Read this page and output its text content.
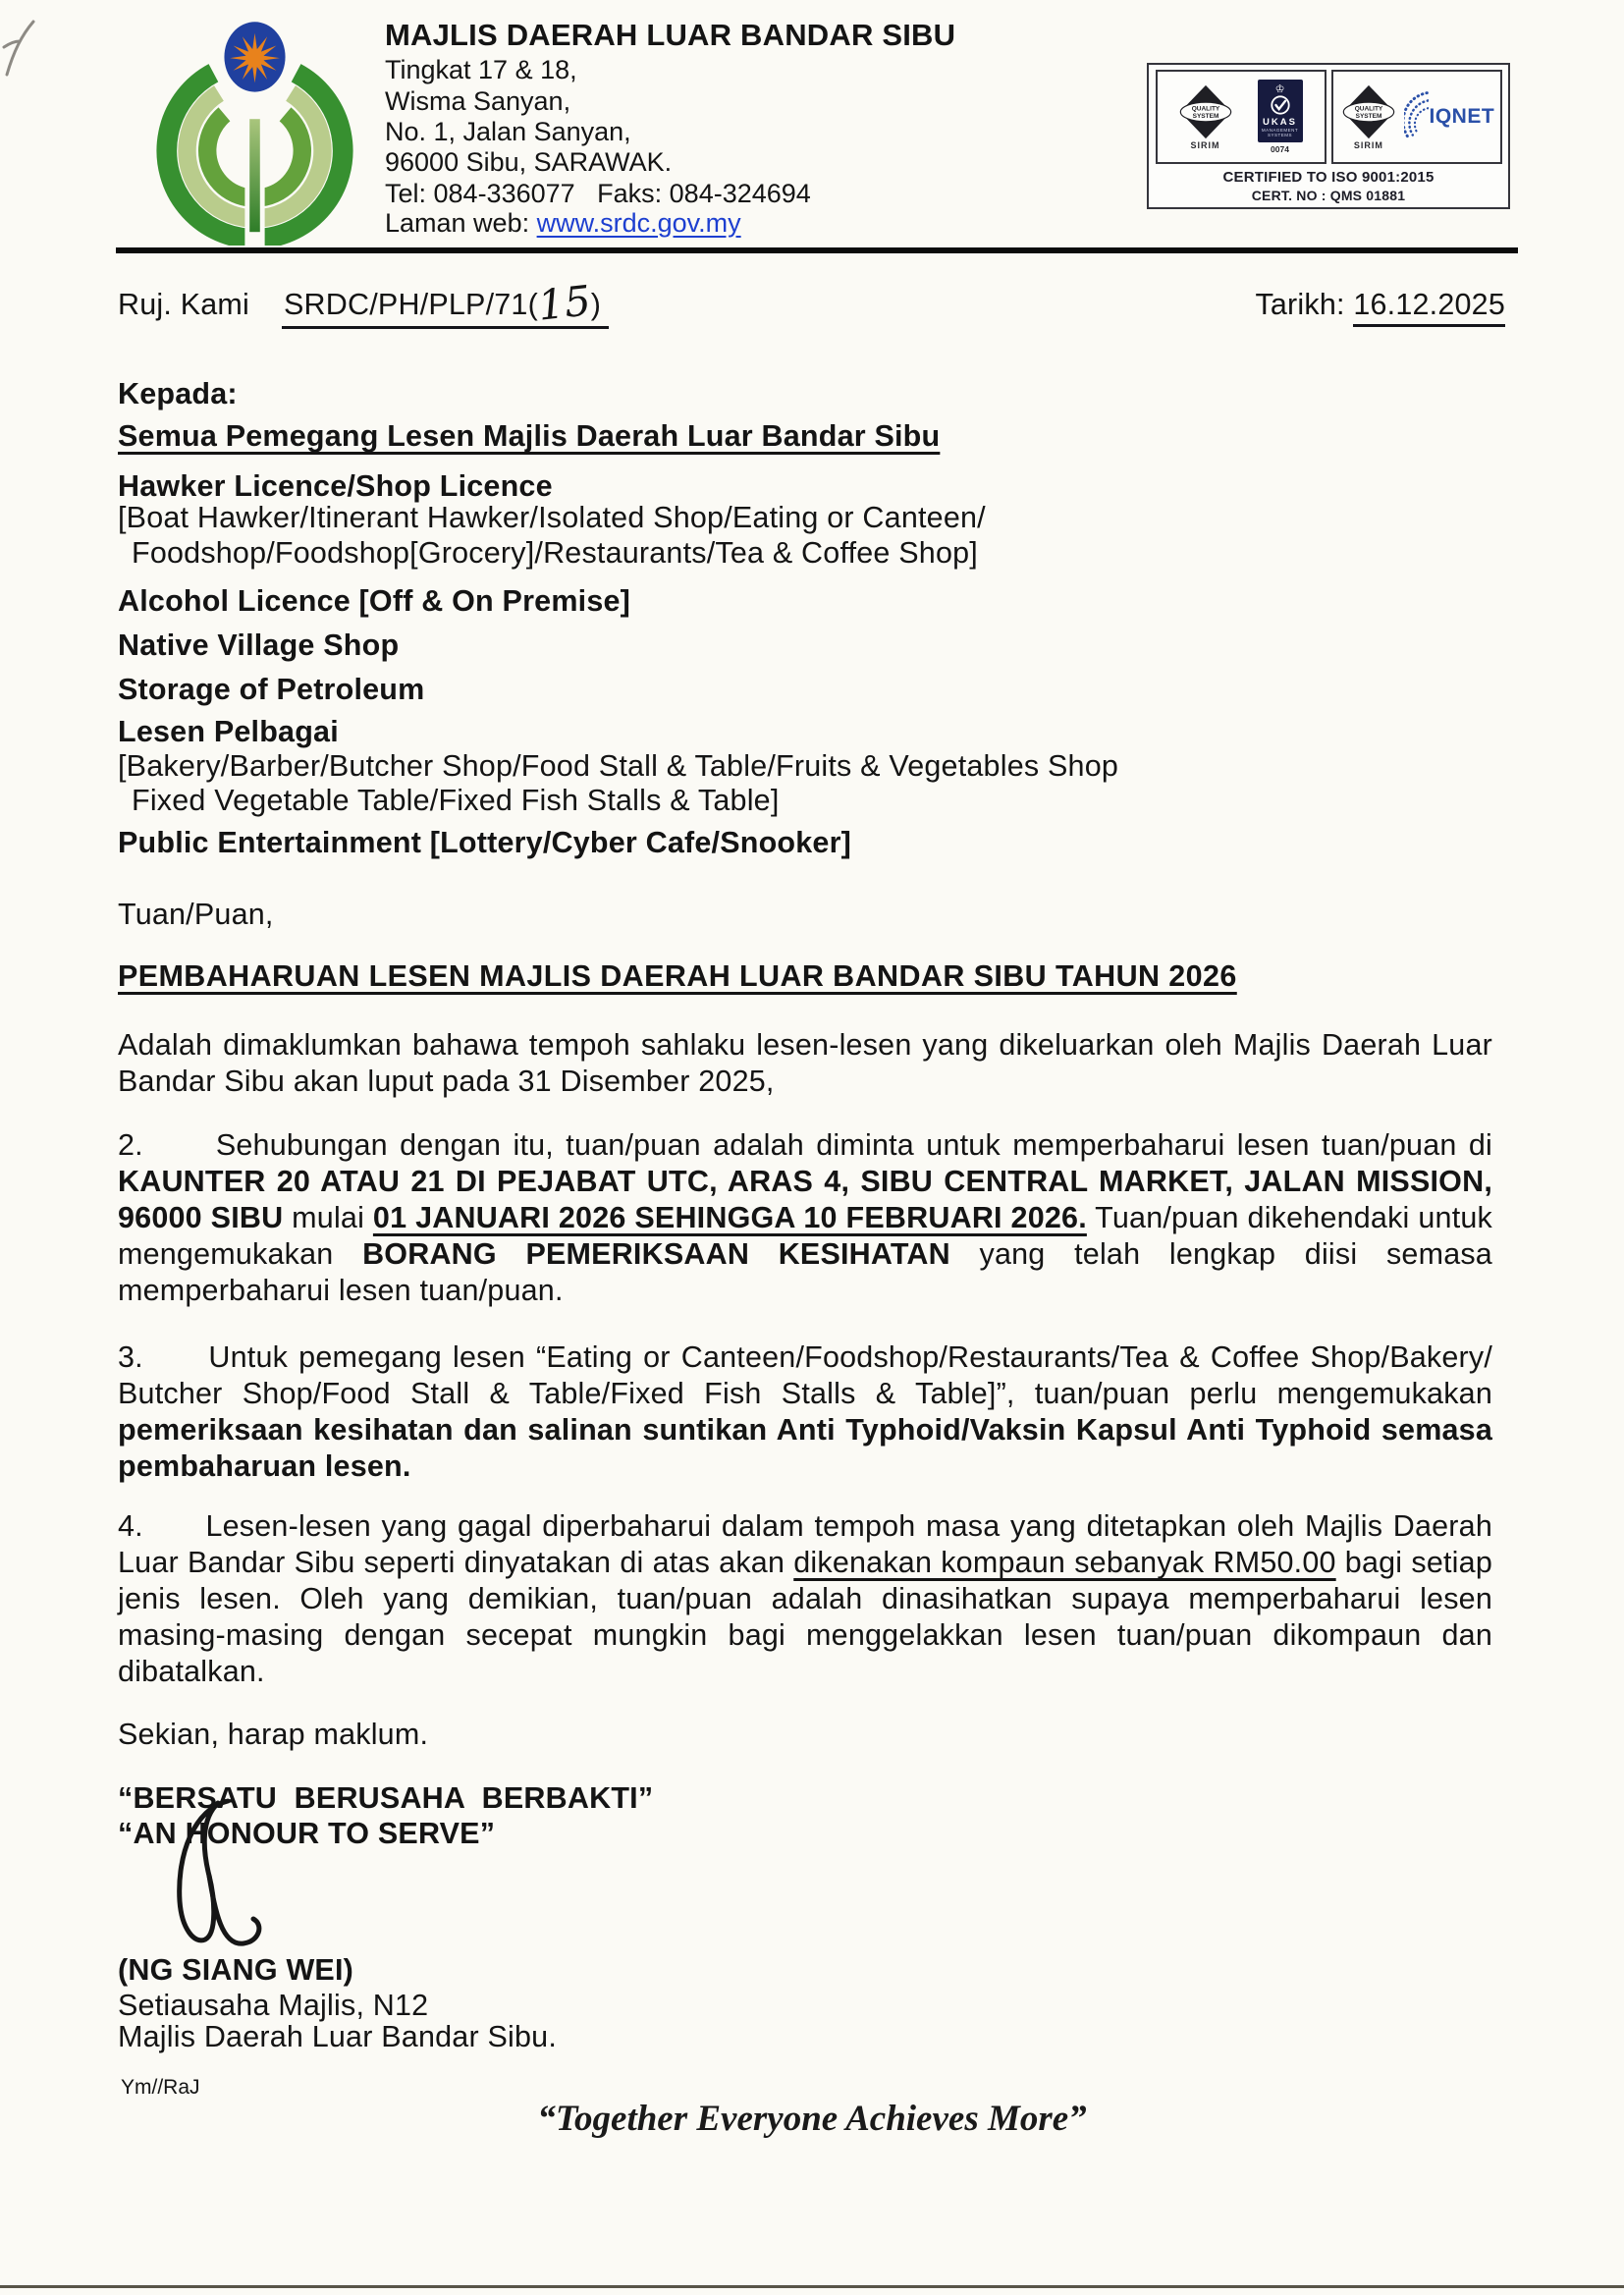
MAJLIS DAERAH LUAR BANDAR SIBU
Tingkat 17 & 18,
Wisma Sanyan,
No. 1, Jalan Sanyan,
96000 Sibu, SARAWAK.
Tel: 084-336077   Faks: 084-324694
Laman web: www.srdc.gov.my
QUALITY
SYSTEM
SIRIM
♔
UKAS
MANAGEMENT
SYSTEMS
0074
QUALITY
SYSTEM
SIRIM
IQNET
CERTIFIED TO ISO 9001:2015
CERT. NO : QMS 01881
Ruj. Kami SRDC/PH/PLP/71(15)	Tarikh: 16.12.2025
Kepada:
Semua Pemegang Lesen Majlis Daerah Luar Bandar Sibu
Hawker Licence/Shop Licence
[Boat Hawker/Itinerant Hawker/Isolated Shop/Eating or Canteen/
Foodshop/Foodshop[Grocery]/Restaurants/Tea & Coffee Shop]
Alcohol Licence [Off & On Premise]
Native Village Shop
Storage of Petroleum
Lesen Pelbagai
[Bakery/Barber/Butcher Shop/Food Stall & Table/Fruits & Vegetables Shop
Fixed Vegetable Table/Fixed Fish Stalls & Table]
Public Entertainment [Lottery/Cyber Cafe/Snooker]
Tuan/Puan,
PEMBAHARUAN LESEN MAJLIS DAERAH LUAR BANDAR SIBU TAHUN 2026
Adalah dimaklumkan bahawa tempoh sahlaku lesen-lesen yang dikeluarkan oleh Majlis Daerah Luar Bandar Sibu akan luput pada 31 Disember 2025,
2.      Sehubungan dengan itu, tuan/puan adalah diminta untuk memperbaharui lesen tuan/puan di KAUNTER 20 ATAU 21 DI PEJABAT UTC, ARAS 4, SIBU CENTRAL MARKET, JALAN MISSION, 96000 SIBU mulai 01 JANUARI 2026 SEHINGGA 10 FEBRUARI 2026. Tuan/puan dikehendaki untuk mengemukakan BORANG PEMERIKSAAN KESIHATAN yang telah lengkap diisi semasa memperbaharui lesen tuan/puan.
3.      Untuk pemegang lesen “Eating or Canteen/Foodshop/Restaurants/Tea & Coffee Shop/Bakery/ Butcher Shop/Food Stall & Table/Fixed Fish Stalls & Table]”, tuan/puan perlu mengemukakan pemeriksaan kesihatan dan salinan suntikan Anti Typhoid/Vaksin Kapsul Anti Typhoid semasa pembaharuan lesen.
4.      Lesen-lesen yang gagal diperbaharui dalam tempoh masa yang ditetapkan oleh Majlis Daerah Luar Bandar Sibu seperti dinyatakan di atas akan dikenakan kompaun sebanyak RM50.00 bagi setiap jenis lesen. Oleh yang demikian, tuan/puan adalah dinasihatkan supaya memperbaharui lesen masing-masing dengan secepat mungkin bagi menggelakkan lesen tuan/puan dikompaun dan dibatalkan.
Sekian, harap maklum.
“BERSATU BERUSAHA BERBAKTI”
“AN HONOUR TO SERVE”
(NG SIANG WEI)
Setiausaha Majlis, N12
Majlis Daerah Luar Bandar Sibu.
Ym//RaJ
“Together Everyone Achieves More”
